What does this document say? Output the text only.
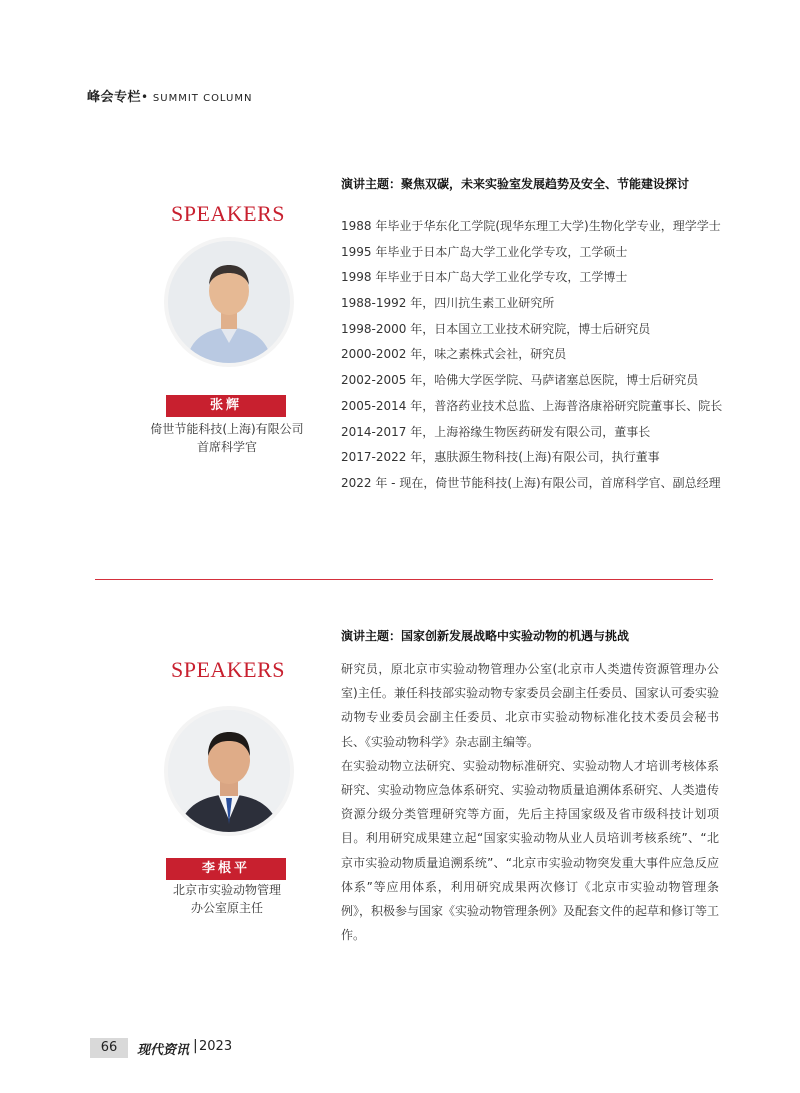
峰会专栏• SUMMIT COLUMN
SPEAKERS
张辉
倚世节能科技(上海)有限公司
首席科学官
演讲主题：聚焦双碳，未来实验室发展趋势及安全、节能建设探讨
1988 年毕业于华东化工学院(现华东理工大学)生物化学专业，理学学士
1995 年毕业于日本广岛大学工业化学专攻，工学硕士
1998 年毕业于日本广岛大学工业化学专攻，工学博士
1988-1992 年，四川抗生素工业研究所
1998-2000 年，日本国立工业技术研究院，博士后研究员
2000-2002 年，味之素株式会社，研究员
2002-2005 年，哈佛大学医学院、马萨诸塞总医院，博士后研究员
2005-2014 年，普洛药业技术总监、上海普洛康裕研究院董事长、院长
2014-2017 年，上海裕缘生物医药研发有限公司，董事长
2017-2022 年，惠肤源生物科技(上海)有限公司，执行董事
2022 年 - 现在，倚世节能科技(上海)有限公司，首席科学官、副总经理
SPEAKERS
李根平
北京市实验动物管理
办公室原主任
演讲主题：国家创新发展战略中实验动物的机遇与挑战

研究员，原北京市实验动物管理办公室(北京市人类遗传资源管理办公室)主任。兼任科技部实验动物专家委员会副主任委员、国家认可委实验动物专业委员会副主任委员、北京市实验动物标准化技术委员会秘书长、《实验动物科学》杂志副主编等。

在实验动物立法研究、实验动物标准研究、实验动物人才培训考核体系研究、实验动物应急体系研究、实验动物质量追溯体系研究、人类遗传资源分级分类管理研究等方面，先后主持国家级及省市级科技计划项目。利用研究成果建立起“国家实验动物从业人员培训考核系统”、“北京市实验动物质量追溯系统”、“北京市实验动物突发重大事件应急反应体系”等应用体系，利用研究成果两次修订《北京市实验动物管理条例》，积极参与国家《实验动物管理条例》及配套文件的起草和修订等工作。

66	现代资讯 | 2023
